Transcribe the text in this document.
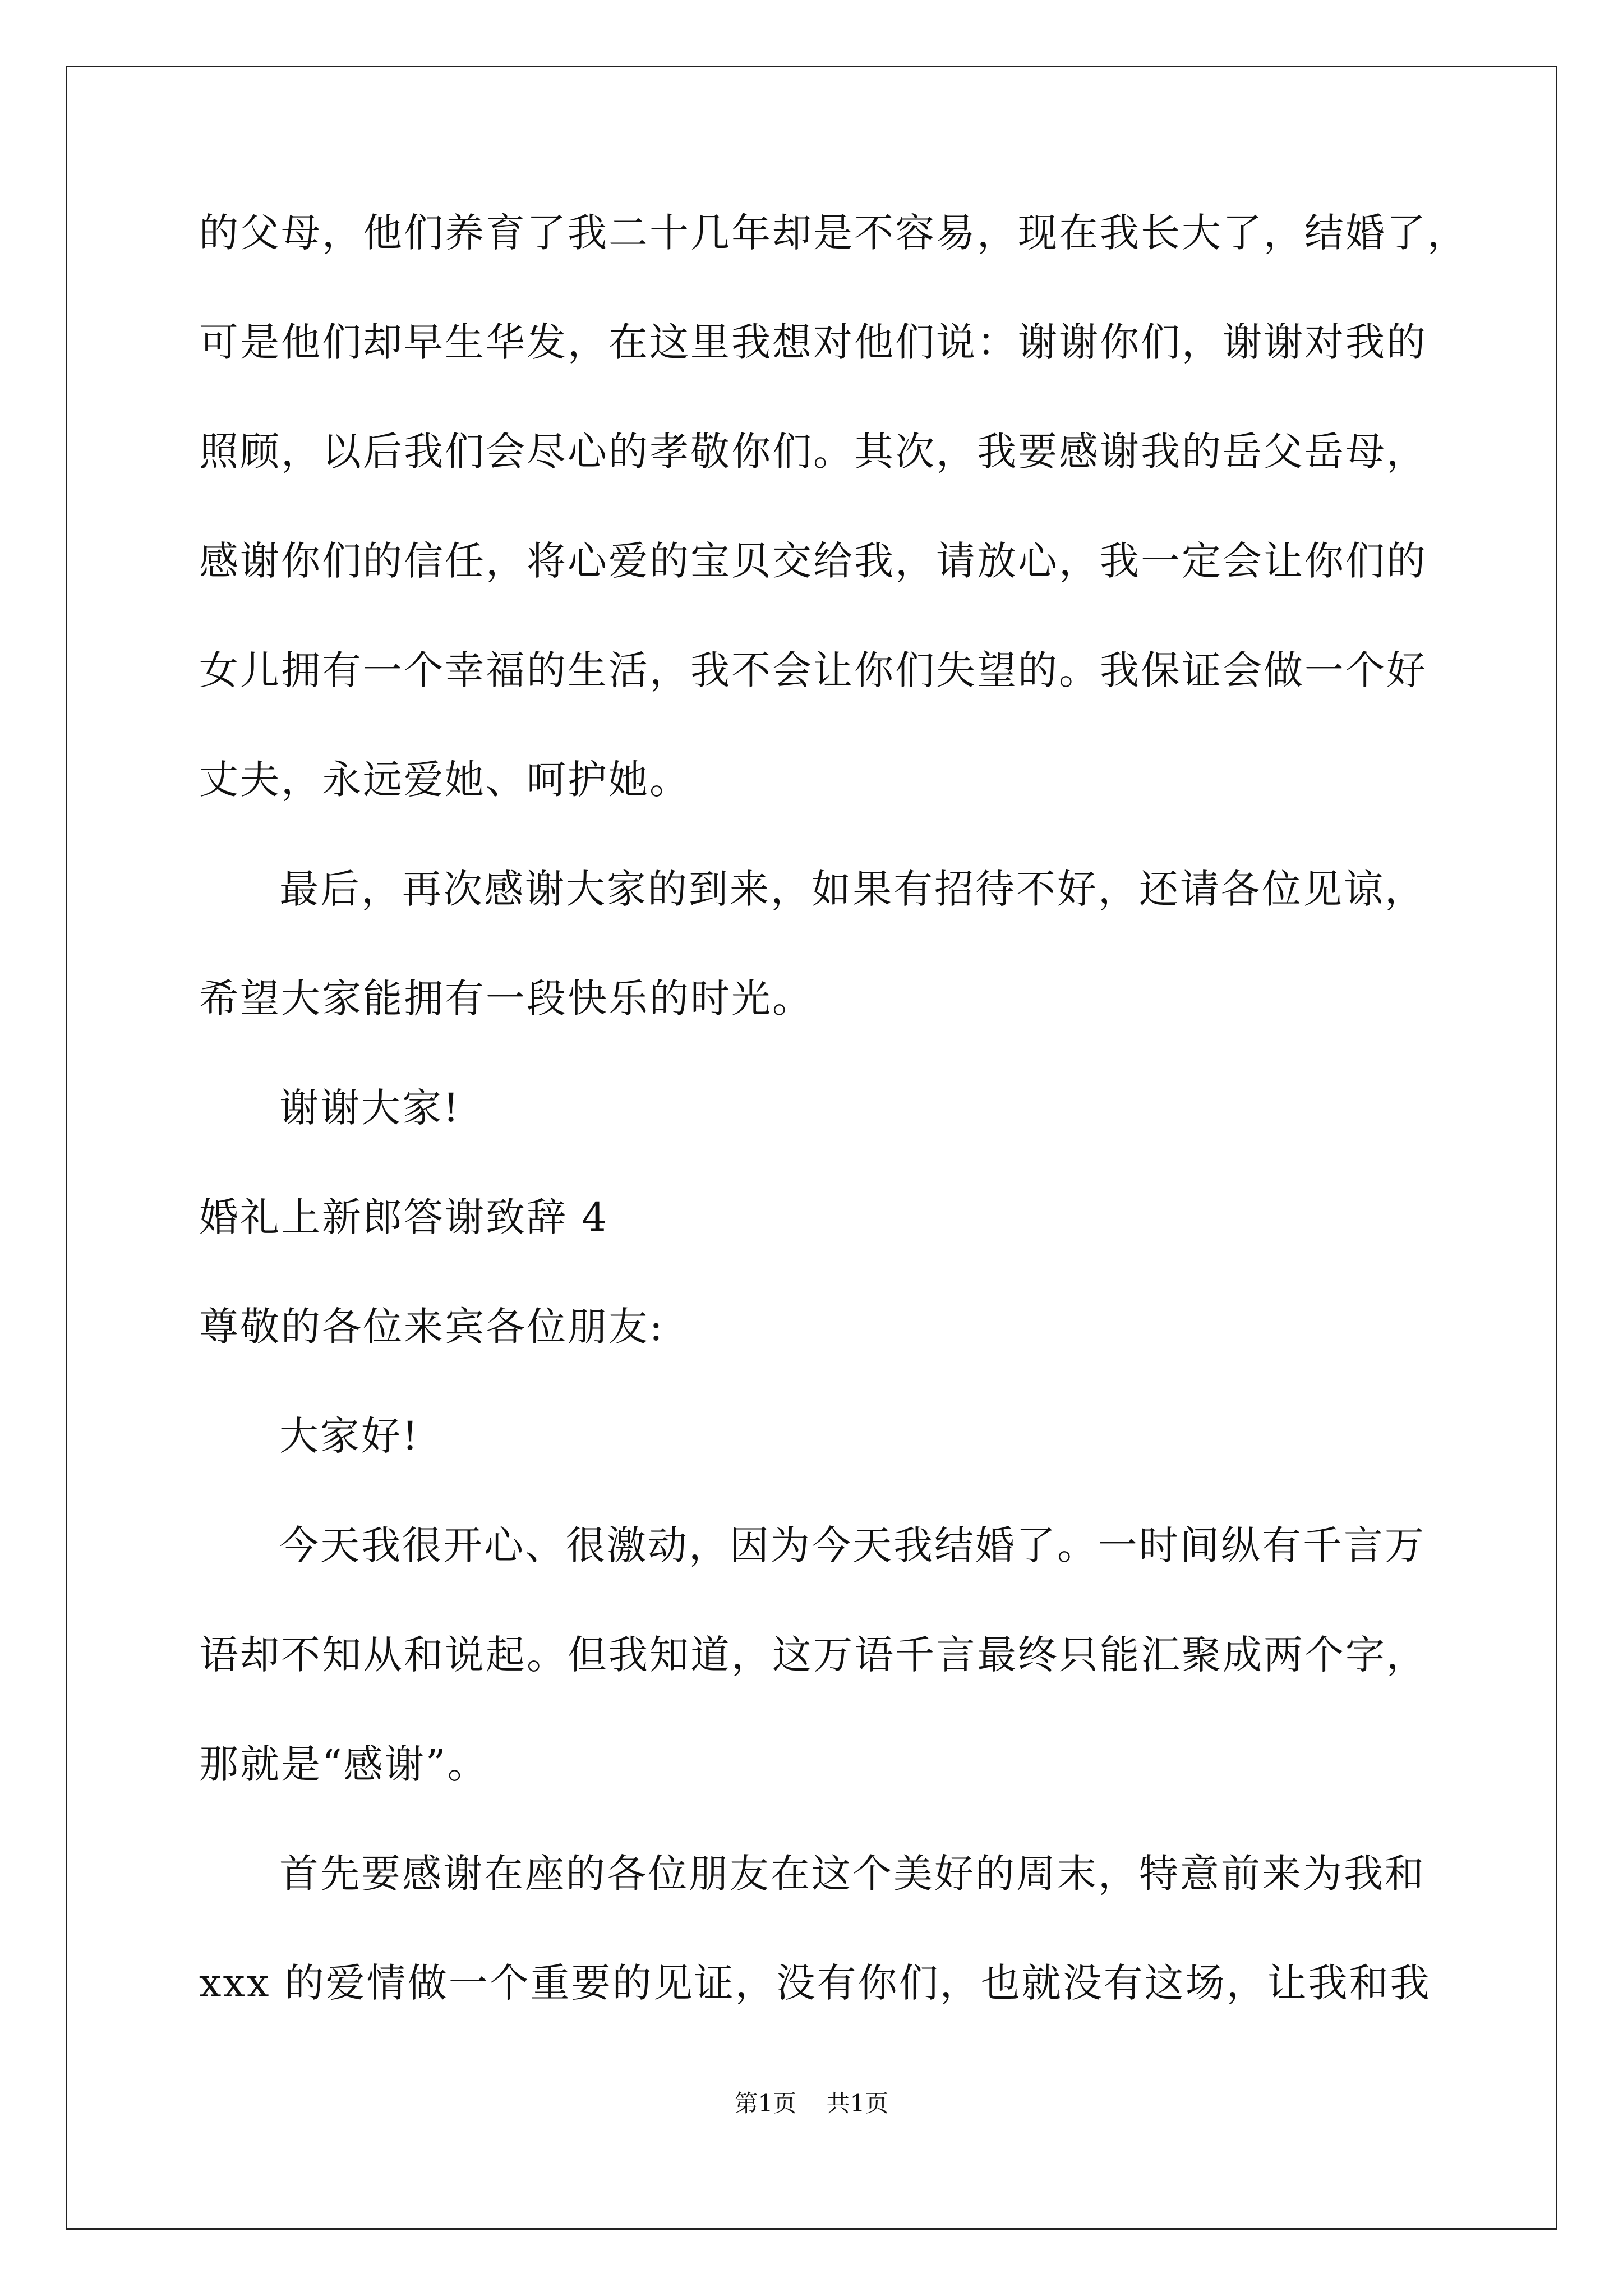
的父母，他们养育了我二十几年却是不容易，现在我长大了，结婚了，
可是他们却早生华发，在这里我想对他们说：谢谢你们，谢谢对我的
照顾，以后我们会尽心的孝敬你们。其次，我要感谢我的岳父岳母，
感谢你们的信任，将心爱的宝贝交给我，请放心，我一定会让你们的
女儿拥有一个幸福的生活，我不会让你们失望的。我保证会做一个好
丈夫，永远爱她、呵护她。
最后，再次感谢大家的到来，如果有招待不好，还请各位见谅，
希望大家能拥有一段快乐的时光。
谢谢大家!
婚礼上新郎答谢致辞 4
尊敬的各位来宾各位朋友:
大家好!
今天我很开心、很激动，因为今天我结婚了。一时间纵有千言万
语却不知从和说起。但我知道，这万语千言最终只能汇聚成两个字，
那就是“感谢”。
首先要感谢在座的各位朋友在这个美好的周末，特意前来为我和
xxx 的爱情做一个重要的见证，没有你们，也就没有这场，让我和我
第1页 共1页
